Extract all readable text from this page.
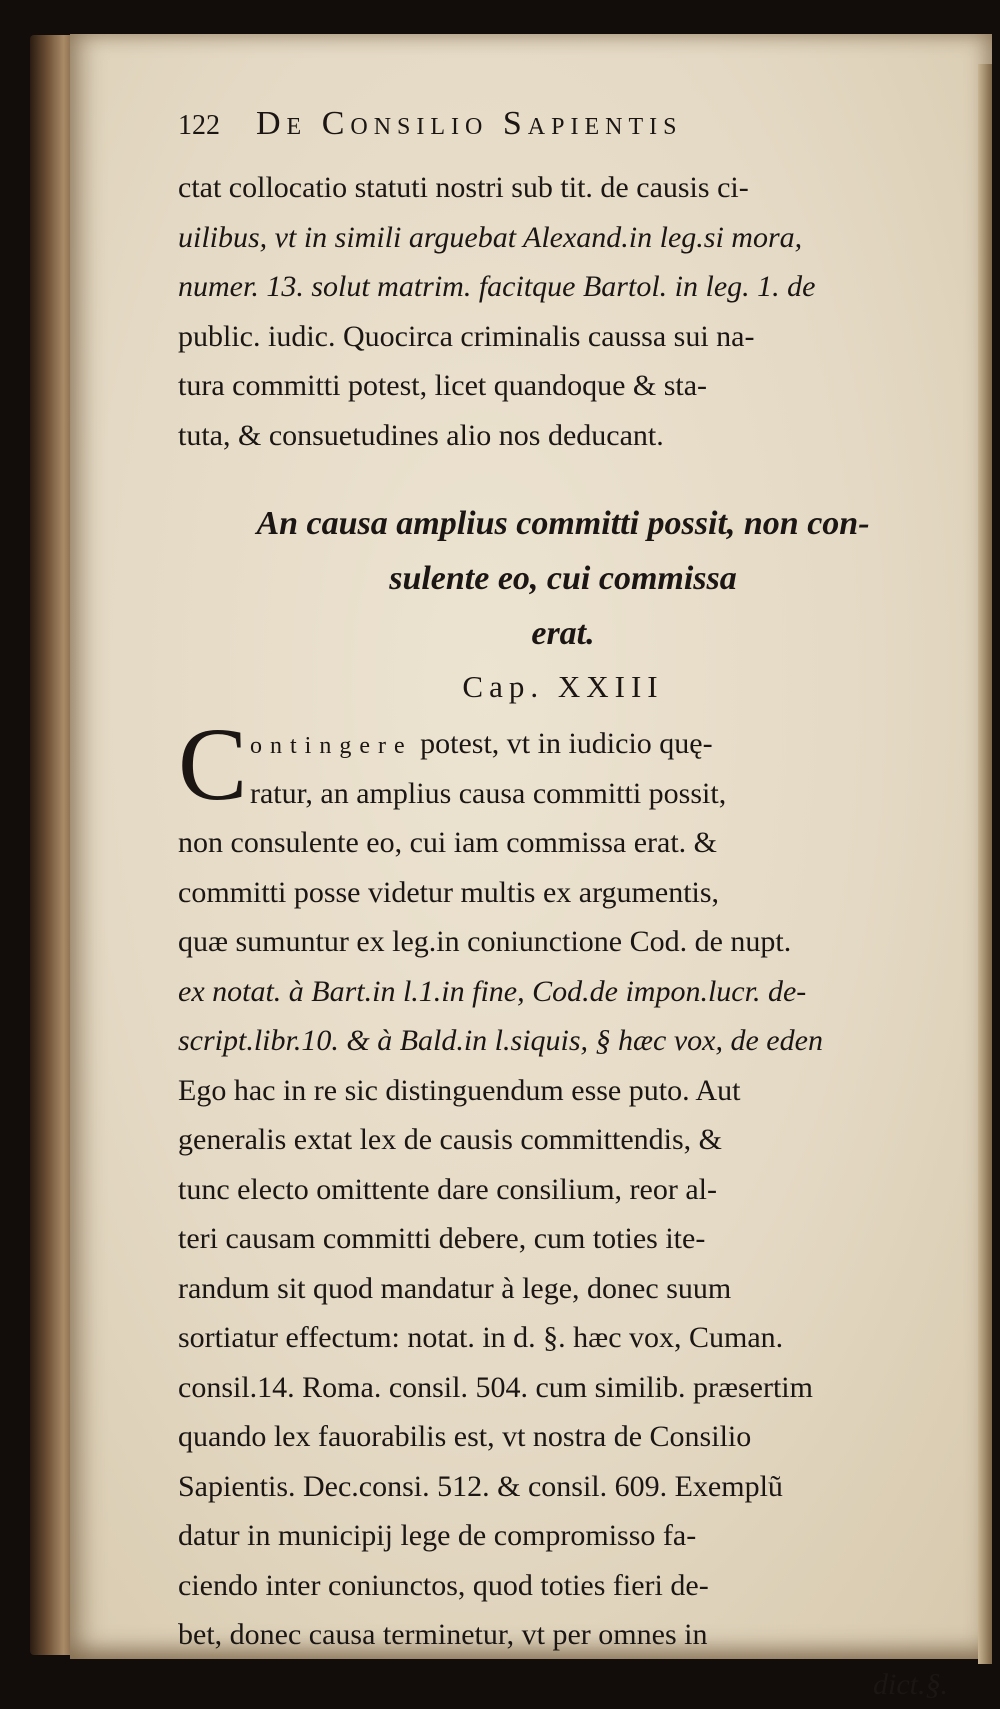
122 De Consilio Sapientis
ctat collocatio statuti nostri sub tit. de causis ci-
uilibus, vt in simili arguebat Alexand.in leg.si mora,
numer. 13. solut matrim. facitque Bartol. in leg. 1. de
public. iudic. Quocirca criminalis caussa sui na-
tura committi potest, licet quandoque & sta-
tuta, & consuetudines alio nos deducant.
An causa amplius committi possit, non con-
sulente eo, cui commissa
erat.
Cap. XXIII
C ontingere potest, vt in iudicio quę-
ratur, an amplius causa committi possit,
non consulente eo, cui iam commissa erat. &
committi posse videtur multis ex argumentis,
quæ sumuntur ex leg.in coniunctione Cod. de nupt.
ex notat. à Bart.in l.1.in fine, Cod.de impon.lucr. de-
script.libr.10. & à Bald.in l.siquis, § hæc vox, de eden
Ego hac in re sic distinguendum esse puto. Aut
generalis extat lex de causis committendis, &
tunc electo omittente dare consilium, reor al-
teri causam committi debere, cum toties ite-
randum sit quod mandatur à lege, donec suum
sortiatur effectum: notat. in d. §. hæc vox, Cuman.
consil.14. Roma. consil. 504. cum similib. præsertim
quando lex fauorabilis est, vt nostra de Consilio
Sapientis. Dec.consi. 512. & consil. 609. Exemplũ
datur in municipij lege de compromisso fa-
ciendo inter coniunctos, quod toties fieri de-
bet, donec causa terminetur, vt per omnes in
dict.§.
